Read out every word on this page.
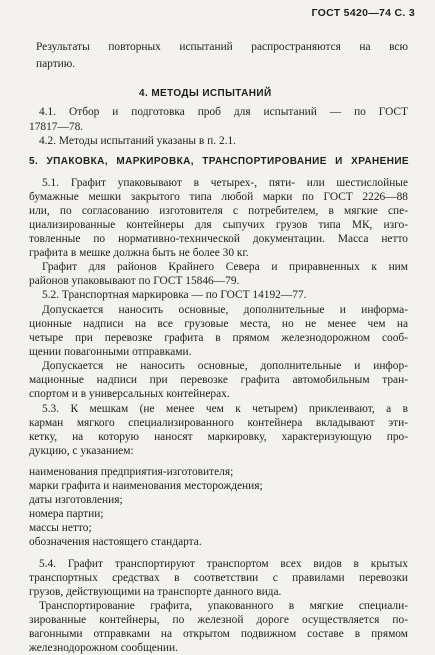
ГОСТ 5420—74 С. 3
Результаты повторных испытаний распространяются на всю
партию.
4. МЕТОДЫ ИСПЫТАНИЙ
4.1. Отбор и подготовка проб для испытаний — по ГОСТ
17817—78.
4.2. Методы испытаний указаны в п. 2.1.
5. УПАКОВКА, МАРКИРОВКА, ТРАНСПОРТИРОВАНИЕ И ХРАНЕНИЕ
5.1. Графит упаковывают в четырех-, пяти- или шестислойные
бумажные мешки закрытого типа любой марки по ГОСТ 2226—88
или, по согласованию изготовителя с потребителем, в мягкие спе-
циализированные контейнеры для сыпучих грузов типа МК, изго-
товленные по нормативно-технической документации. Масса нетто
графита в мешке должна быть не более 30 кг.
Графит для районов Крайнего Севера и приравненных к ним
районов упаковывают по ГОСТ 15846—79.
5.2. Транспортная маркировка — по ГОСТ 14192—77.
Допускается наносить основные, дополнительные и информа-
ционные надписи на все грузовые места, но не менее чем на
четыре при перевозке графита в прямом железнодорожном сооб-
щении повагонными отправками.
Допускается не наносить основные, дополнительные и инфор-
мационные надписи при перевозке графита автомобильным тран-
спортом и в универсальных контейнерах.
5.3. К мешкам (не менее чем к четырем) приклеивают, а в
карман мягкого специализированного контейнера вкладывают эти-
кетку, на которую наносят маркировку, характеризующую про-
дукцию, с указанием:
наименования предприятия-изготовителя;
марки графита и наименования месторождения;
даты изготовления;
номера партии;
массы нетто;
обозначения настоящего стандарта.
5.4. Графит транспортируют транспортом всех видов в крытых
транспортных средствах в соответствии с правилами перевозки
грузов, действующими на транспорте данного вида.
Транспортирование графита, упакованного в мягкие специали-
зированные контейнеры, по железной дороге осуществляется по-
вагонными отправками на открытом подвижном составе в прямом
железнодорожном сообщении.
